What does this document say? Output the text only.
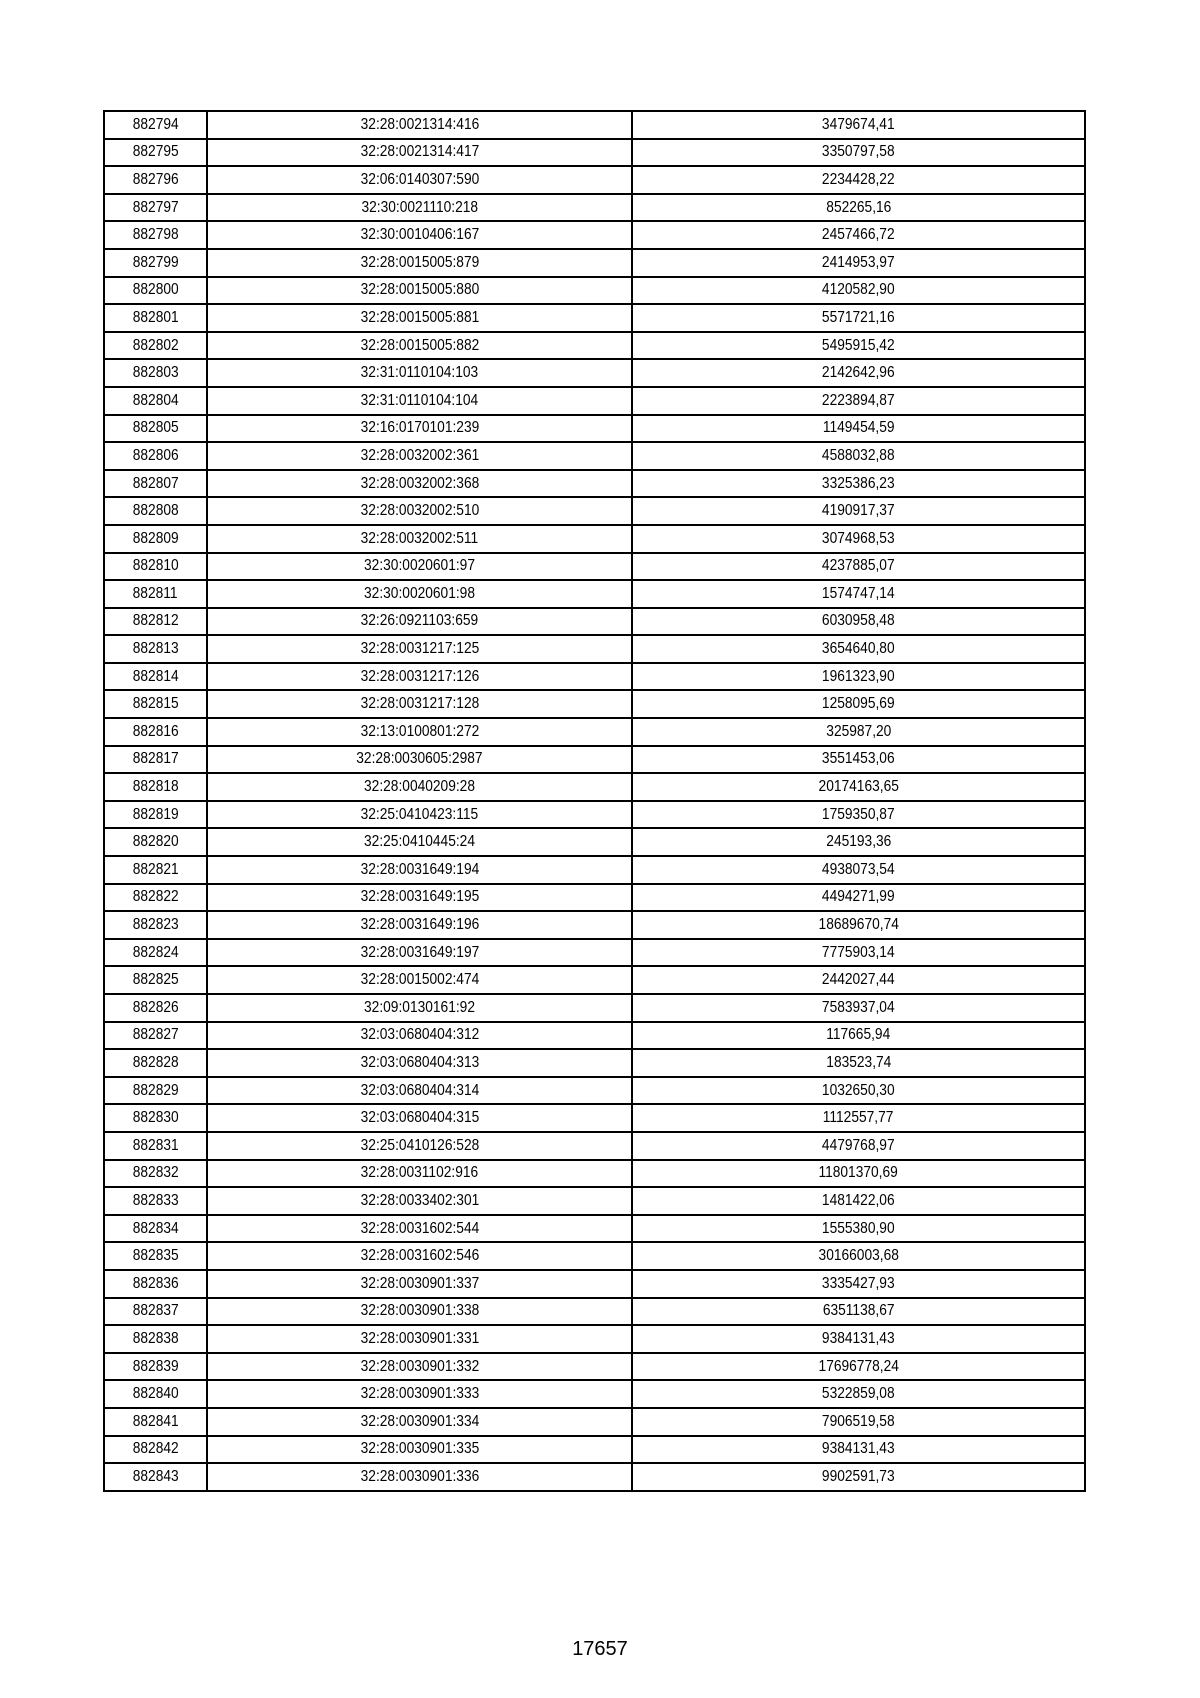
882794	32:28:0021314:416	3479674,41
882795	32:28:0021314:417	3350797,58
882796	32:06:0140307:590	2234428,22
882797	32:30:0021110:218	852265,16
882798	32:30:0010406:167	2457466,72
882799	32:28:0015005:879	2414953,97
882800	32:28:0015005:880	4120582,90
882801	32:28:0015005:881	5571721,16
882802	32:28:0015005:882	5495915,42
882803	32:31:0110104:103	2142642,96
882804	32:31:0110104:104	2223894,87
882805	32:16:0170101:239	1149454,59
882806	32:28:0032002:361	4588032,88
882807	32:28:0032002:368	3325386,23
882808	32:28:0032002:510	4190917,37
882809	32:28:0032002:511	3074968,53
882810	32:30:0020601:97	4237885,07
882811	32:30:0020601:98	1574747,14
882812	32:26:0921103:659	6030958,48
882813	32:28:0031217:125	3654640,80
882814	32:28:0031217:126	1961323,90
882815	32:28:0031217:128	1258095,69
882816	32:13:0100801:272	325987,20
882817	32:28:0030605:2987	3551453,06
882818	32:28:0040209:28	20174163,65
882819	32:25:0410423:115	1759350,87
882820	32:25:0410445:24	245193,36
882821	32:28:0031649:194	4938073,54
882822	32:28:0031649:195	4494271,99
882823	32:28:0031649:196	18689670,74
882824	32:28:0031649:197	7775903,14
882825	32:28:0015002:474	2442027,44
882826	32:09:0130161:92	7583937,04
882827	32:03:0680404:312	117665,94
882828	32:03:0680404:313	183523,74
882829	32:03:0680404:314	1032650,30
882830	32:03:0680404:315	1112557,77
882831	32:25:0410126:528	4479768,97
882832	32:28:0031102:916	11801370,69
882833	32:28:0033402:301	1481422,06
882834	32:28:0031602:544	1555380,90
882835	32:28:0031602:546	30166003,68
882836	32:28:0030901:337	3335427,93
882837	32:28:0030901:338	6351138,67
882838	32:28:0030901:331	9384131,43
882839	32:28:0030901:332	17696778,24
882840	32:28:0030901:333	5322859,08
882841	32:28:0030901:334	7906519,58
882842	32:28:0030901:335	9384131,43
882843	32:28:0030901:336	9902591,73
17657
